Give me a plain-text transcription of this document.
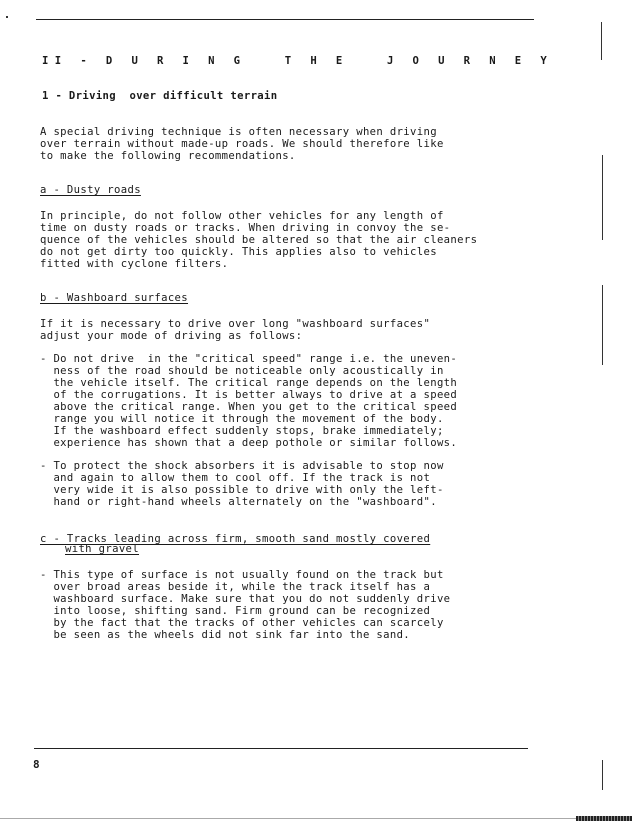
II - D U R I N G   T H E   J O U R N E Y
1 - Driving  over difficult terrain
A special driving technique is often necessary when driving
over terrain without made-up roads. We should therefore like
to make the following recommendations.
a - Dusty roads
In principle, do not follow other vehicles for any length of
time on dusty roads or tracks. When driving in convoy the se-
quence of the vehicles should be altered so that the air cleaners
do not get dirty too quickly. This applies also to vehicles
fitted with cyclone filters.
b - Washboard surfaces
If it is necessary to drive over long "washboard surfaces"
adjust your mode of driving as follows:
- Do not drive  in the "critical speed" range i.e. the uneven-
ness of the road should be noticeable only acoustically in
the vehicle itself. The critical range depends on the length
of the corrugations. It is better always to drive at a speed
above the critical range. When you get to the critical speed
range you will notice it through the movement of the body.
If the washboard effect suddenly stops, brake immediately;
experience has shown that a deep pothole or similar follows.
- To protect the shock absorbers it is advisable to stop now
and again to allow them to cool off. If the track is not
very wide it is also possible to drive with only the left-
hand or right-hand wheels alternately on the "washboard".
c - Tracks leading across firm, smooth sand mostly covered
with gravel
- This type of surface is not usually found on the track but
over broad areas beside it, while the track itself has a
washboard surface. Make sure that you do not suddenly drive
into loose, shifting sand. Firm ground can be recognized
by the fact that the tracks of other vehicles can scarcely
be seen as the wheels did not sink far into the sand.
8
